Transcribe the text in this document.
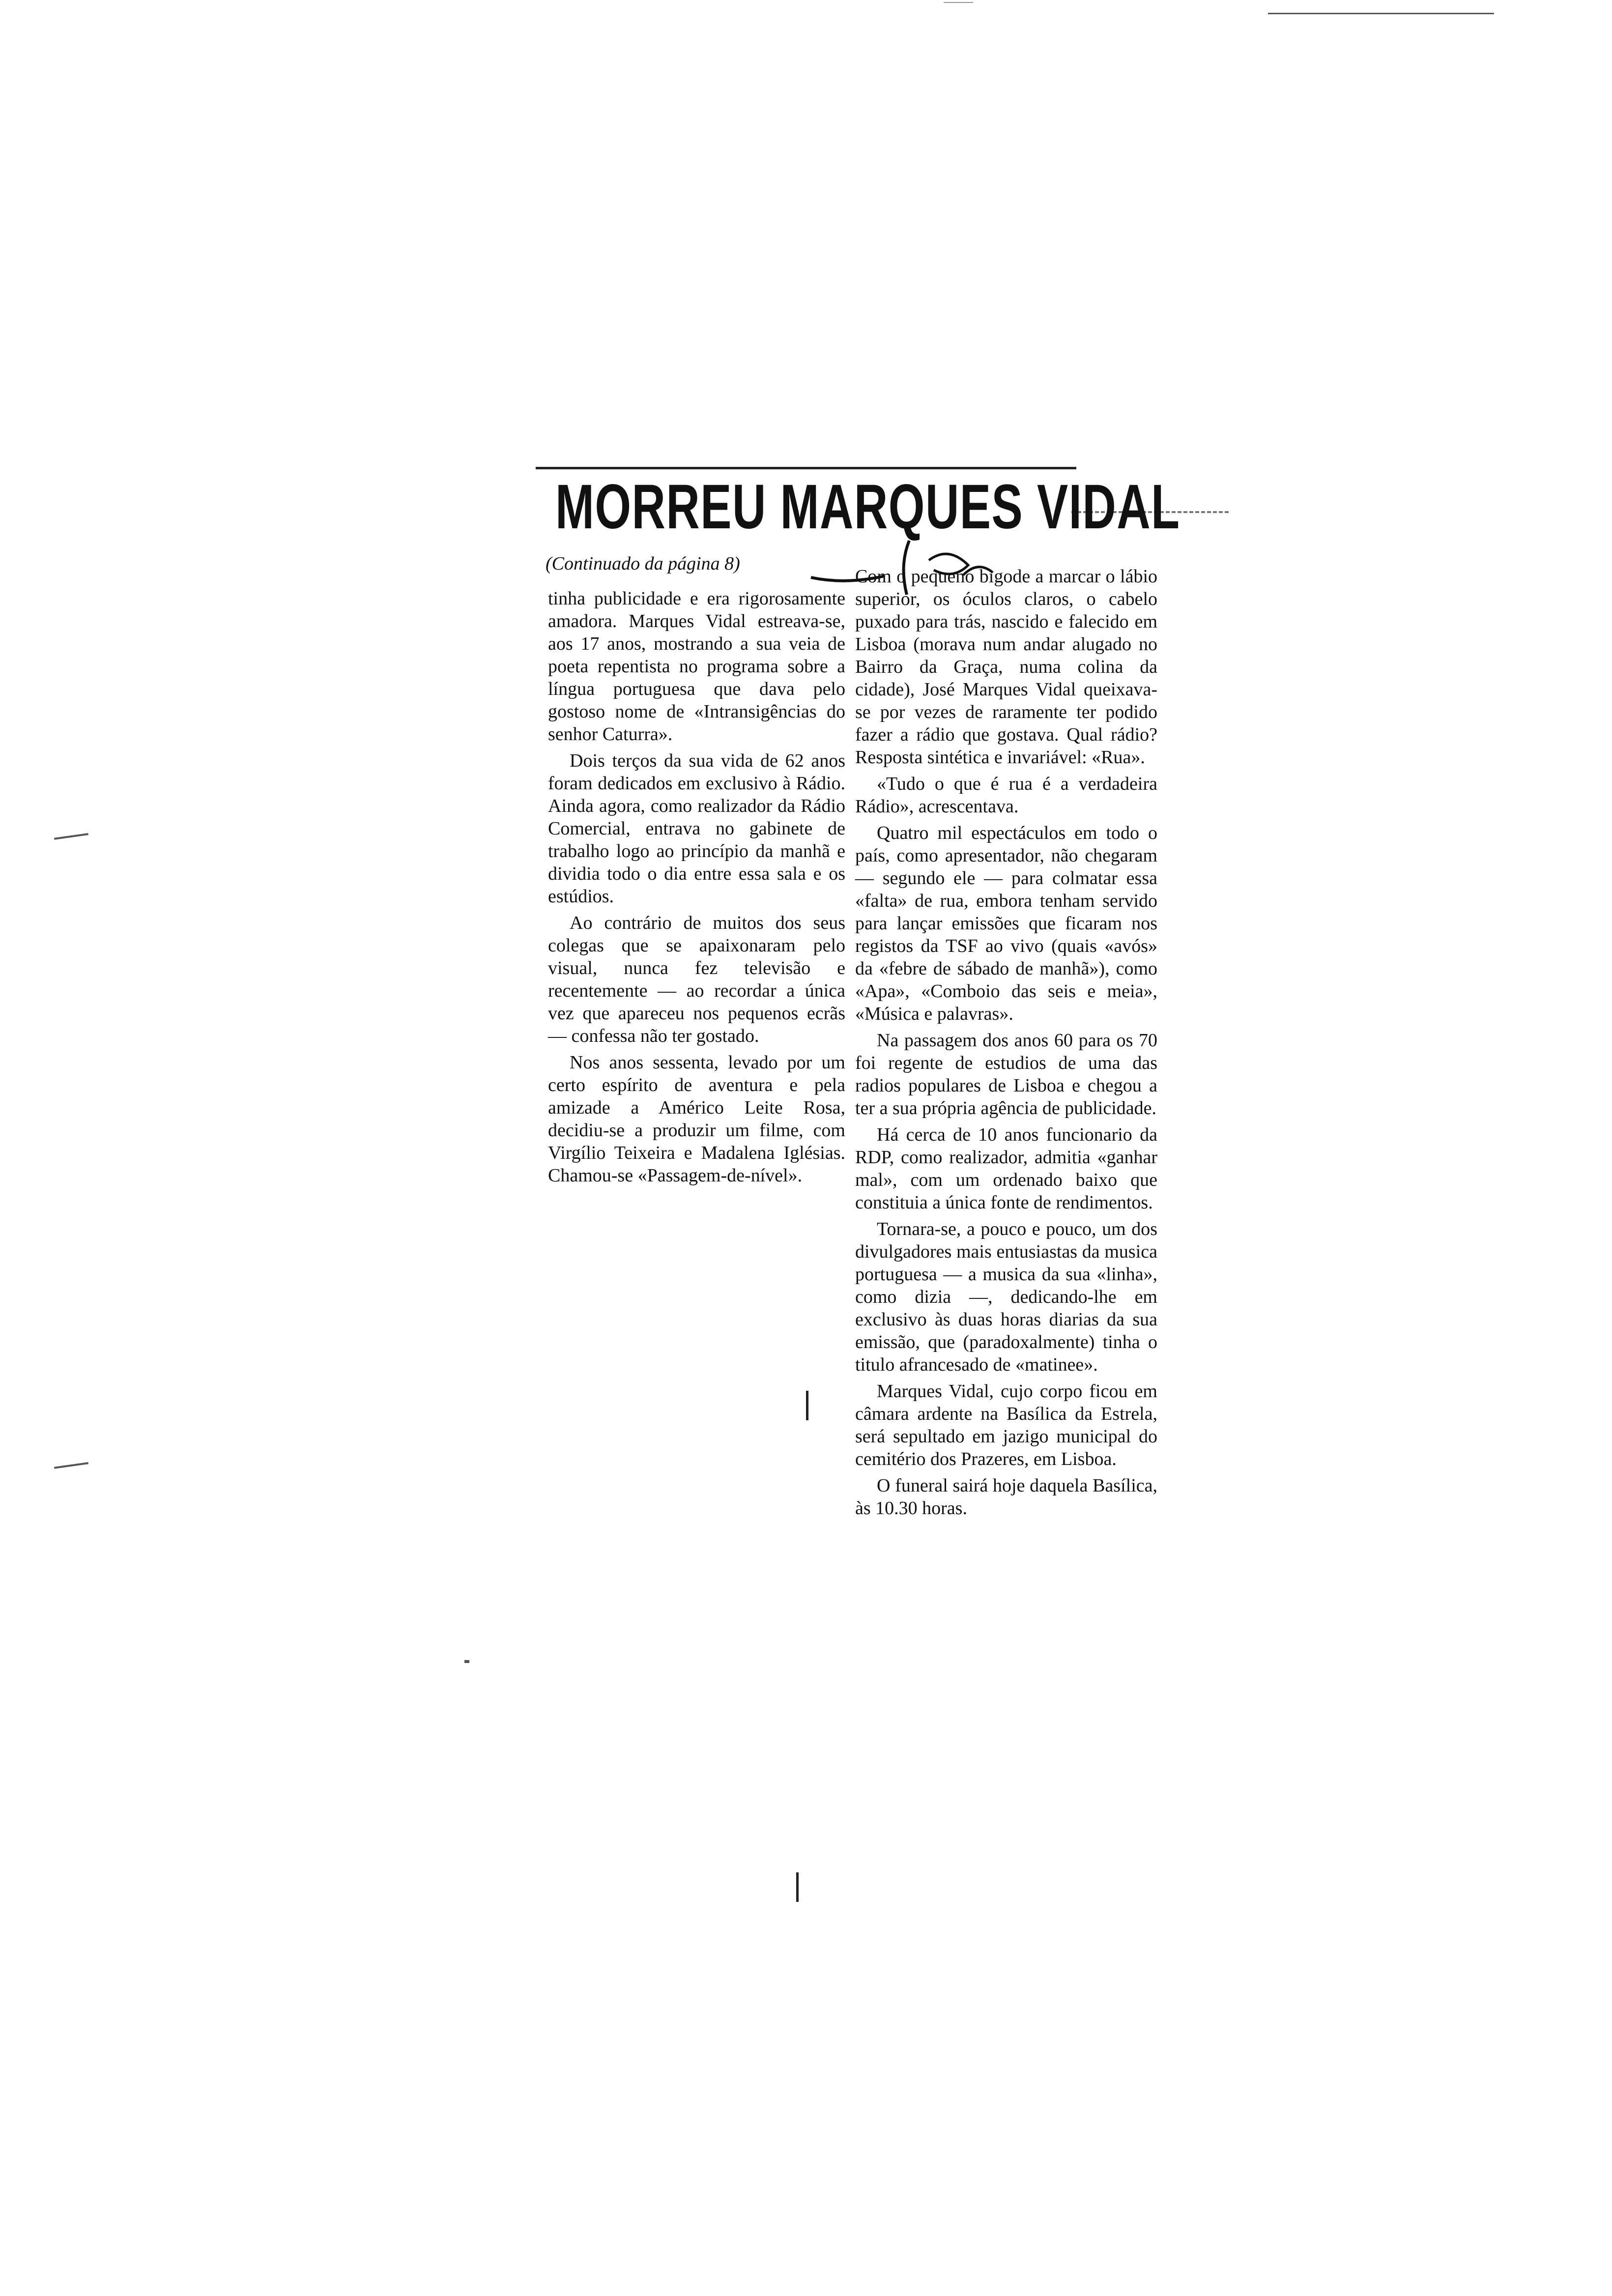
MORREU MARQUES VIDAL

(Continuado da página 8)

tinha publicidade e era rigorosamente amadora. Marques Vidal estreava-se, aos 17 anos, mostrando a sua veia de poeta repentista no programa sobre a língua portuguesa que dava pelo gostoso nome de «Intransigências do senhor Caturra».

Dois terços da sua vida de 62 anos foram dedicados em exclusivo à Rádio. Ainda agora, como realizador da Rádio Comercial, entrava no gabinete de trabalho logo ao princípio da manhã e dividia todo o dia entre essa sala e os estúdios.

Ao contrário de muitos dos seus colegas que se apaixonaram pelo visual, nunca fez televisão e recentemente — ao recordar a única vez que apareceu nos pequenos ecrãs — confessa não ter gostado.

Nos anos sessenta, levado por um certo espírito de aventura e pela amizade a Américo Leite Rosa, decidiu-se a produzir um filme, com Virgílio Teixeira e Madalena Iglésias. Chamou-se «Passagem-de-nível».

Com o pequeno bigode a marcar o lábio superior, os óculos claros, o cabelo puxado para trás, nascido e falecido em Lisboa (morava num andar alugado no Bairro da Graça, numa colina da cidade), José Marques Vidal queixava-se por vezes de raramente ter podido fazer a rádio que gostava. Qual rádio? Resposta sintética e invariável: «Rua».

«Tudo o que é rua é a verdadeira Rádio», acrescentava.

Quatro mil espectáculos em todo o país, como apresentador, não chegaram — segundo ele — para colmatar essa «falta» de rua, embora tenham servido para lançar emissões que ficaram nos registos da TSF ao vivo (quais «avós» da «febre de sábado de manhã»), como «Apa», «Comboio das seis e meia», «Música e palavras».

Na passagem dos anos 60 para os 70 foi regente de estudios de uma das radios populares de Lisboa e chegou a ter a sua própria agência de publicidade.

Há cerca de 10 anos funcionario da RDP, como realizador, admitia «ganhar mal», com um ordenado baixo que constituia a única fonte de rendimentos.

Tornara-se, a pouco e pouco, um dos divulgadores mais entusiastas da musica portuguesa — a musica da sua «linha», como dizia —, dedicando-lhe em exclusivo às duas horas diarias da sua emissão, que (paradoxalmente) tinha o titulo afrancesado de «matinee».

Marques Vidal, cujo corpo ficou em câmara ardente na Basílica da Estrela, será sepultado em jazigo municipal do cemitério dos Prazeres, em Lisboa.

O funeral sairá hoje daquela Basílica, às 10.30 horas.
